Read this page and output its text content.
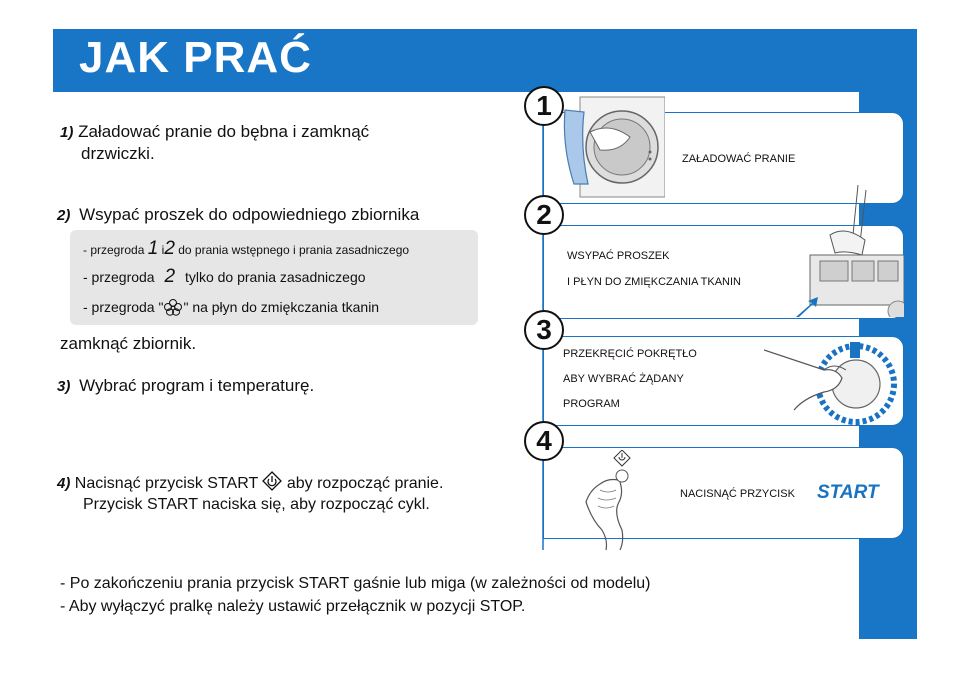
JAK PRAĆ
1) Załadować pranie do bębna i zamknąć
drzwiczki.
2) Wsypać proszek do odpowiedniego zbiornika
- przegroda 1 i2 do prania wstępnego i prania zasadniczego
- przegroda 2 tylko do prania zasadniczego
- przegroda " " na płyn do zmiękczania tkanin
zamknąć zbiornik.
3) Wybrać program i temperaturę.
4) Nacisnąć przycisk START aby rozpocząć pranie.
Przycisk START naciska się, aby rozpocząć cykl.
ZAŁADOWAĆ PRANIE
1
WSYPAĆ PROSZEK
I PŁYN DO ZMIĘKCZANIA TKANIN
2
PRZEKRĘCIĆ POKRĘTŁO
ABY WYBRAĆ ŻĄDANY
PROGRAM
3
NACISNĄĆ PRZYCISK START
4
- Po zakończeniu prania przycisk START gaśnie lub miga (w zależności od modelu)
- Aby wyłączyć pralkę należy ustawić przełącznik w pozycji STOP.
